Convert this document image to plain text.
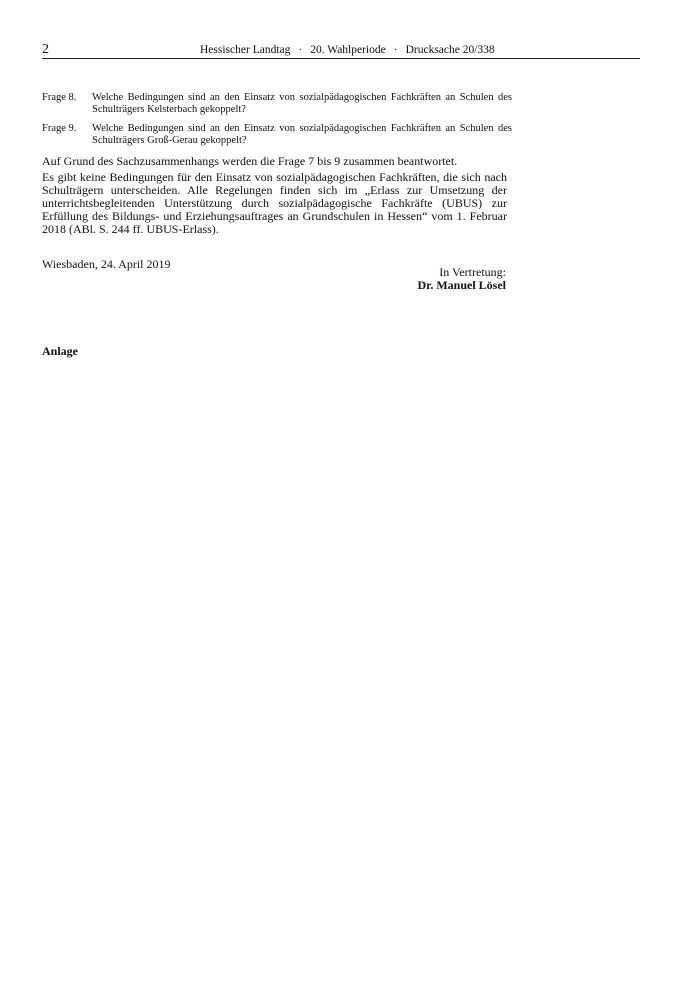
2	Hessischer Landtag · 20. Wahlperiode · Drucksache 20/338
Frage 8.	Welche Bedingungen sind an den Einsatz von sozialpädagogischen Fachkräften an Schulen des Schulträgers Kelsterbach gekoppelt?
Frage 9.	Welche Bedingungen sind an den Einsatz von sozialpädagogischen Fachkräften an Schulen des Schulträgers Groß-Gerau gekoppelt?
Auf Grund des Sachzusammenhangs werden die Frage 7 bis 9 zusammen beantwortet.
Es gibt keine Bedingungen für den Einsatz von sozialpädagogischen Fachkräften, die sich nach Schulträgern unterscheiden. Alle Regelungen finden sich im „Erlass zur Umsetzung der unterrichtsbegleitenden Unterstützung durch sozialpädagogische Fachkräfte (UBUS) zur Erfüllung des Bildungs- und Erziehungsauftrages an Grundschulen in Hessen“ vom 1. Februar 2018 (ABl. S. 244 ff. UBUS-Erlass).
Wiesbaden, 24. April 2019
In Vertretung:
Dr. Manuel Lösel
Anlage
